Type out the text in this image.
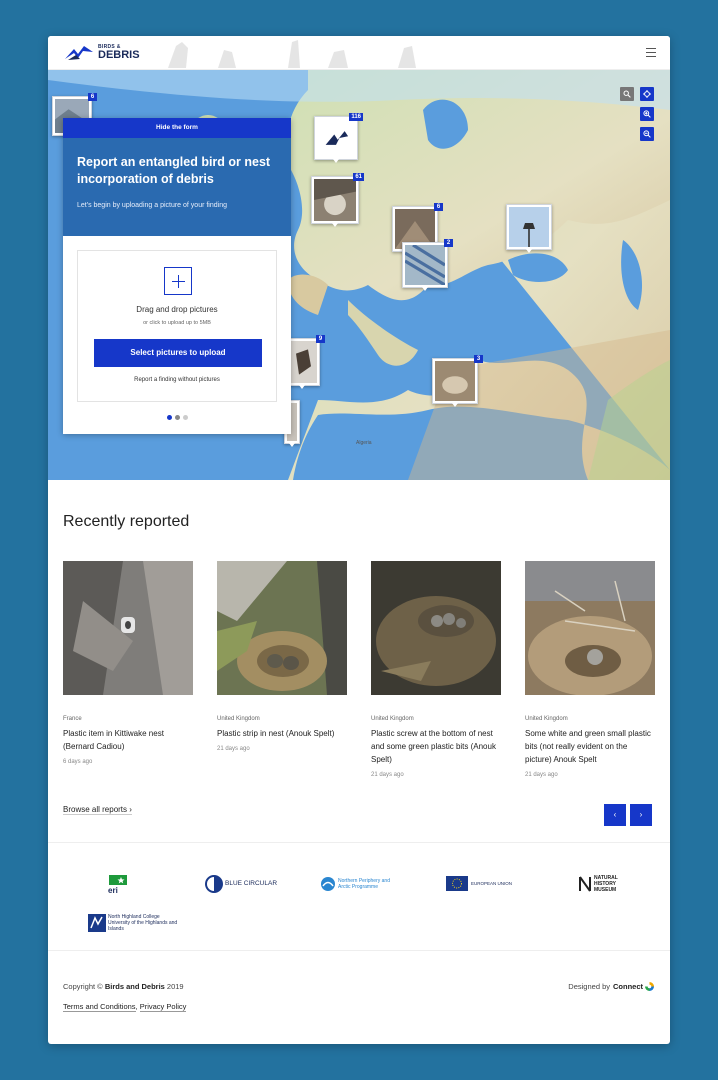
BIRDS &
DEBRIS
6
116
61
6
2
9
3
Algeria
Hide the form
Report an entangled bird or nest incorporation of debris
Let's begin by uploading a picture of your finding
Drag and drop pictures
or click to upload up to 5MB
Select pictures to upload
Report a finding without pictures
Recently reported
France
Plastic item in Kittiwake nest (Bernard Cadiou)
6 days ago
United Kingdom
Plastic strip in nest (Anouk Spelt)
21 days ago
United Kingdom
Plastic screw at the bottom of nest and some green plastic bits (Anouk Spelt)
21 days ago
United Kingdom
Some white and green small plastic bits (not really evident on the picture) Anouk Spelt
21 days ago
Browse all reports ›
‹	›
eri
BLUE CIRCULAR	Northern Periphery and Arctic Programme
EUROPEAN UNION
NATURAL HISTORY MUSEUM
North Highland College University of the Highlands and Islands
Copyright © Birds and Debris 2019	Designed by Connect
Terms and Conditions, Privacy Policy
